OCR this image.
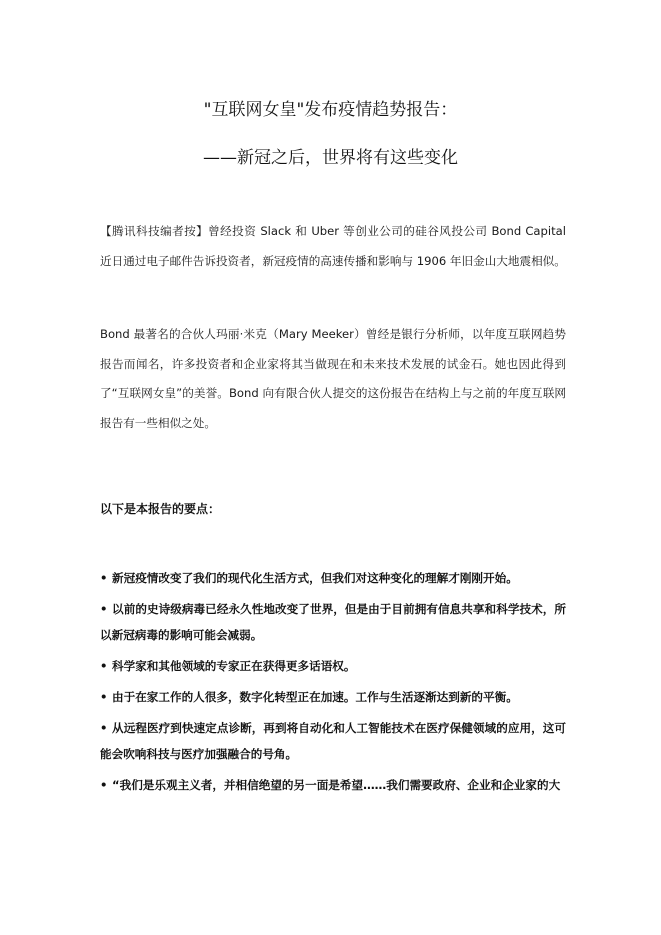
"互联网女皇"发布疫情趋势报告：
——新冠之后，世界将有这些变化

【腾讯科技编者按】曾经投资 Slack 和 Uber 等创业公司的硅谷风投公司 Bond Capital 近日通过电子邮件告诉投资者，新冠疫情的高速传播和影响与 1906 年旧金山大地震相似。

Bond 最著名的合伙人玛丽·米克（Mary Meeker）曾经是银行分析师，以年度互联网趋势报告而闻名，许多投资者和企业家将其当做现在和未来技术发展的试金石。她也因此得到了“互联网女皇”的美誉。Bond 向有限合伙人提交的这份报告在结构上与之前的年度互联网报告有一些相似之处。

以下是本报告的要点：

• 新冠疫情改变了我们的现代化生活方式，但我们对这种变化的理解才刚刚开始。
• 以前的史诗级病毒已经永久性地改变了世界，但是由于目前拥有信息共享和科学技术，所以新冠病毒的影响可能会减弱。
• 科学家和其他领域的专家正在获得更多话语权。
• 由于在家工作的人很多，数字化转型正在加速。工作与生活逐渐达到新的平衡。
• 从远程医疗到快速定点诊断，再到将自动化和人工智能技术在医疗保健领域的应用，这可能会吹响科技与医疗加强融合的号角。
• “我们是乐观主义者，并相信绝望的另一面是希望……我们需要政府、企业和企业家的大
